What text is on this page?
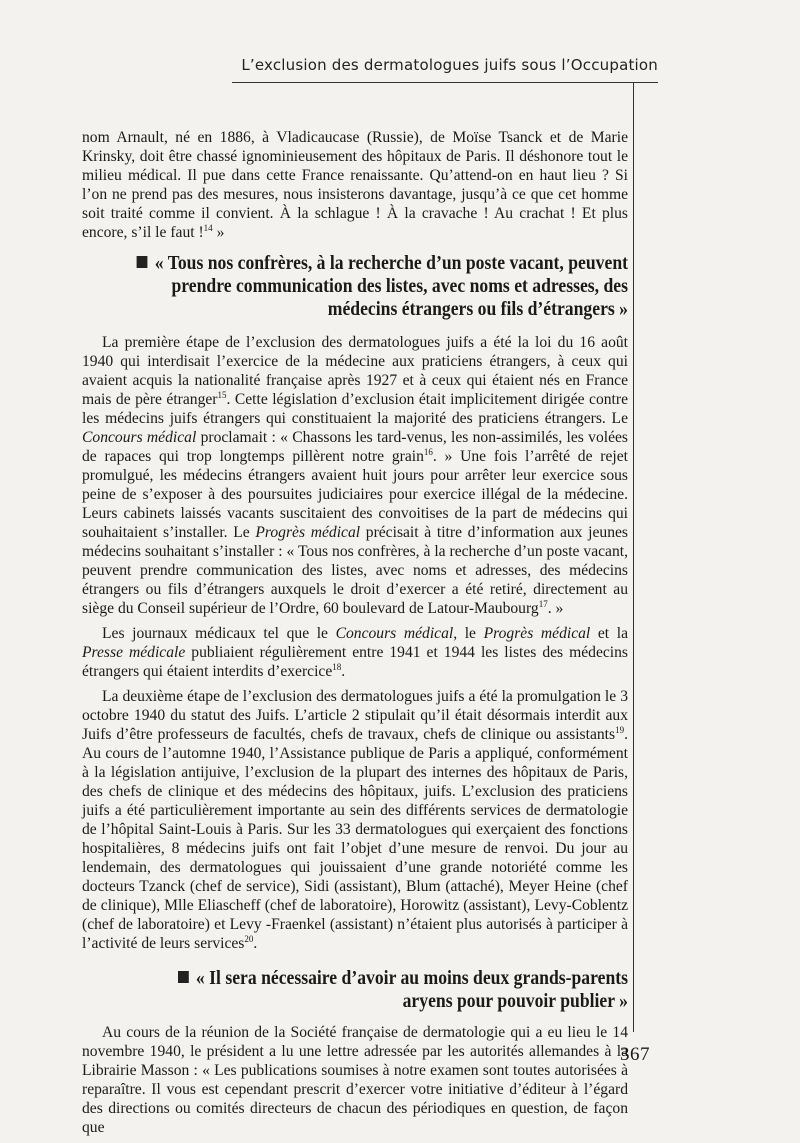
L’exclusion des dermatologues juifs sous l’Occupation

nom Arnault, né en 1886, à Vladicaucase (Russie), de Moïse Tsanck et de Marie Krinsky, doit être chassé ignominieusement des hôpitaux de Paris. Il déshonore tout le milieu médical. Il pue dans cette France renaissante. Qu’attend-on en haut lieu ? Si l’on ne prend pas des mesures, nous insisterons davantage, jusqu’à ce que cet homme soit traité comme il convient. À la schlague ! À la cravache ! Au crachat ! Et plus encore, s’il le faut !$^{14}$ »

« Tous nos confrères, à la recherche d’un poste vacant, peuvent prendre communication des listes, avec noms et adresses, des médecins étrangers ou fils d’étrangers »

La première étape de l’exclusion des dermatologues juifs a été la loi du 16 août 1940 qui interdisait l’exercice de la médecine aux praticiens étrangers, à ceux qui avaient acquis la nationalité française après 1927 et à ceux qui étaient nés en France mais de père étranger$^{15}$. Cette législation d’exclusion était implicitement dirigée contre les médecins juifs étrangers qui constituaient la majorité des praticiens étrangers. Le Concours médical proclamait : « Chassons les tard-venus, les non-assimilés, les volées de rapaces qui trop longtemps pillèrent notre grain$^{16}$. » Une fois l’arrêté de rejet promulgué, les médecins étrangers avaient huit jours pour arrêter leur exercice sous peine de s’exposer à des poursuites judiciaires pour exercice illégal de la médecine. Leurs cabinets laissés vacants suscitaient des convoitises de la part de médecins qui souhaitaient s’installer. Le Progrès médical précisait à titre d’information aux jeunes médecins souhaitant s’installer : « Tous nos confrères, à la recherche d’un poste vacant, peuvent prendre communication des listes, avec noms et adresses, des médecins étrangers ou fils d’étrangers auxquels le droit d’exercer a été retiré, directement au siège du Conseil supérieur de l’Ordre, 60 boulevard de Latour-Maubourg$^{17}$. »

Les journaux médicaux tel que le Concours médical, le Progrès médical et la Presse médicale publiaient régulièrement entre 1941 et 1944 les listes des médecins étrangers qui étaient interdits d’exercice$^{18}$.

La deuxième étape de l’exclusion des dermatologues juifs a été la promulgation le 3 octobre 1940 du statut des Juifs. L’article 2 stipulait qu’il était désormais interdit aux Juifs d’être professeurs de facultés, chefs de travaux, chefs de clinique ou assistants$^{19}$. Au cours de l’automne 1940, l’Assistance publique de Paris a appliqué, conformément à la législation antijuive, l’exclusion de la plupart des internes des hôpitaux de Paris, des chefs de clinique et des médecins des hôpitaux, juifs. L’exclusion des praticiens juifs a été particulièrement importante au sein des différents services de dermatologie de l’hôpital Saint-Louis à Paris. Sur les 33 dermatologues qui exerçaient des fonctions hospitalières, 8 médecins juifs ont fait l’objet d’une mesure de renvoi. Du jour au lendemain, des dermatologues qui jouissaient d’une grande notoriété comme les docteurs Tzanck (chef de service), Sidi (assistant), Blum (attaché), Meyer Heine (chef de clinique), Mlle Eliascheff (chef de laboratoire), Horowitz (assistant), Levy-Coblentz (chef de laboratoire) et Levy -Fraenkel (assistant) n’étaient plus autorisés à participer à l’activité de leurs services$^{20}$.

« Il sera nécessaire d’avoir au moins deux grands-parents aryens pour pouvoir publier »

Au cours de la réunion de la Société française de dermatologie qui a eu lieu le 14 novembre 1940, le président a lu une lettre adressée par les autorités allemandes à la Librairie Masson : « Les publications soumises à notre examen sont toutes autorisées à reparaître. Il vous est cependant prescrit d’exercer votre initiative d’éditeur à l’égard des directions ou comités directeurs de chacun des périodiques en question, de façon que

367
